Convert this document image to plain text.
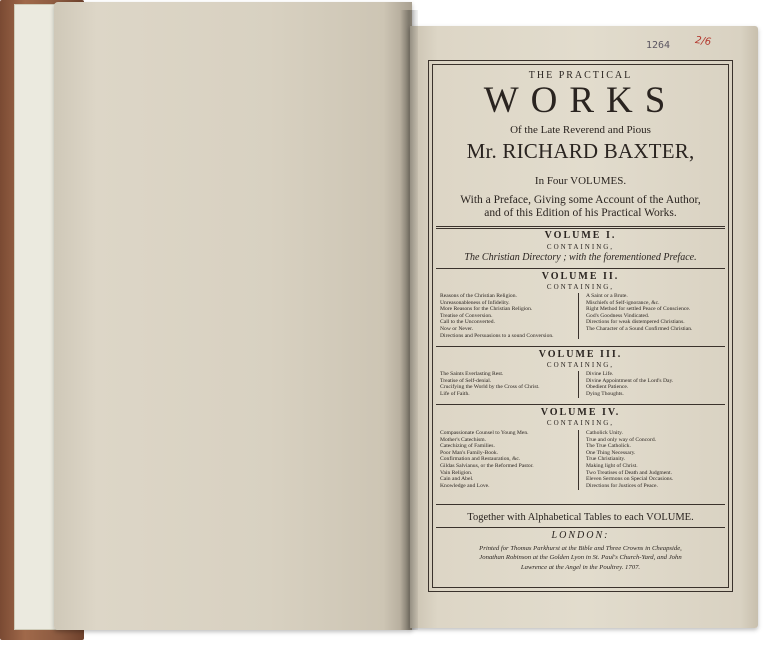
1264 2/6
THE PRACTICAL
WORKS
Of the Late Reverend and Pious
Mr. RICHARD BAXTER,
In Four VOLUMES.
With a Preface, Giving some Account of the Author,
and of this Edition of his Practical Works.
VOLUME I.
CONTAINING,
The Christian Directory ; with the forementioned Preface.
VOLUME II.
CONTAINING,
Reasons of the Christian Religion.
Unreasonableness of Infidelity.
More Reasons for the Christian Religion.
Treatise of Conversion.
Call to the Unconverted.
Now or Never.
Directions and Persuasions to a sound Conversion.
A Saint or a Brute.
Mischiefs of Self-ignorance, &c.
Right Method for settled Peace of Conscience.
God's Goodness Vindicated.
Directions for weak distempered Christians.
The Character of a Sound Confirmed Christian.
VOLUME III.
CONTAINING,
The Saints Everlasting Rest.
Treatise of Self-denial.
Crucifying the World by the Cross of Christ.
Life of Faith.
Divine Life.
Divine Appointment of the Lord's Day.
Obedient Patience.
Dying Thoughts.
VOLUME IV.
CONTAINING,
Compassionate Counsel to Young Men.
Mother's Catechism.
Catechizing of Families.
Poor Man's Family-Book.
Confirmation and Restauration, &c.
Gildas Salvianus, or the Reformed Pastor.
Vain Religion.
Cain and Abel.
Knowledge and Love.
Catholick Unity.
True and only way of Concord.
The True Catholick.
One Thing Necessary.
True Christianity.
Making light of Christ.
Two Treatises of Death and Judgment.
Eleven Sermons on Special Occasions.
Directions for Justices of Peace.
Together with Alphabetical Tables to each VOLUME.
LONDON:
Printed for Thomas Parkhurst at the Bible and Three Crowns in Cheapside,
Jonathan Robinson at the Golden Lyon in St. Paul's Church-Yard, and John
Lawrence at the Angel in the Poultrey. 1707.
